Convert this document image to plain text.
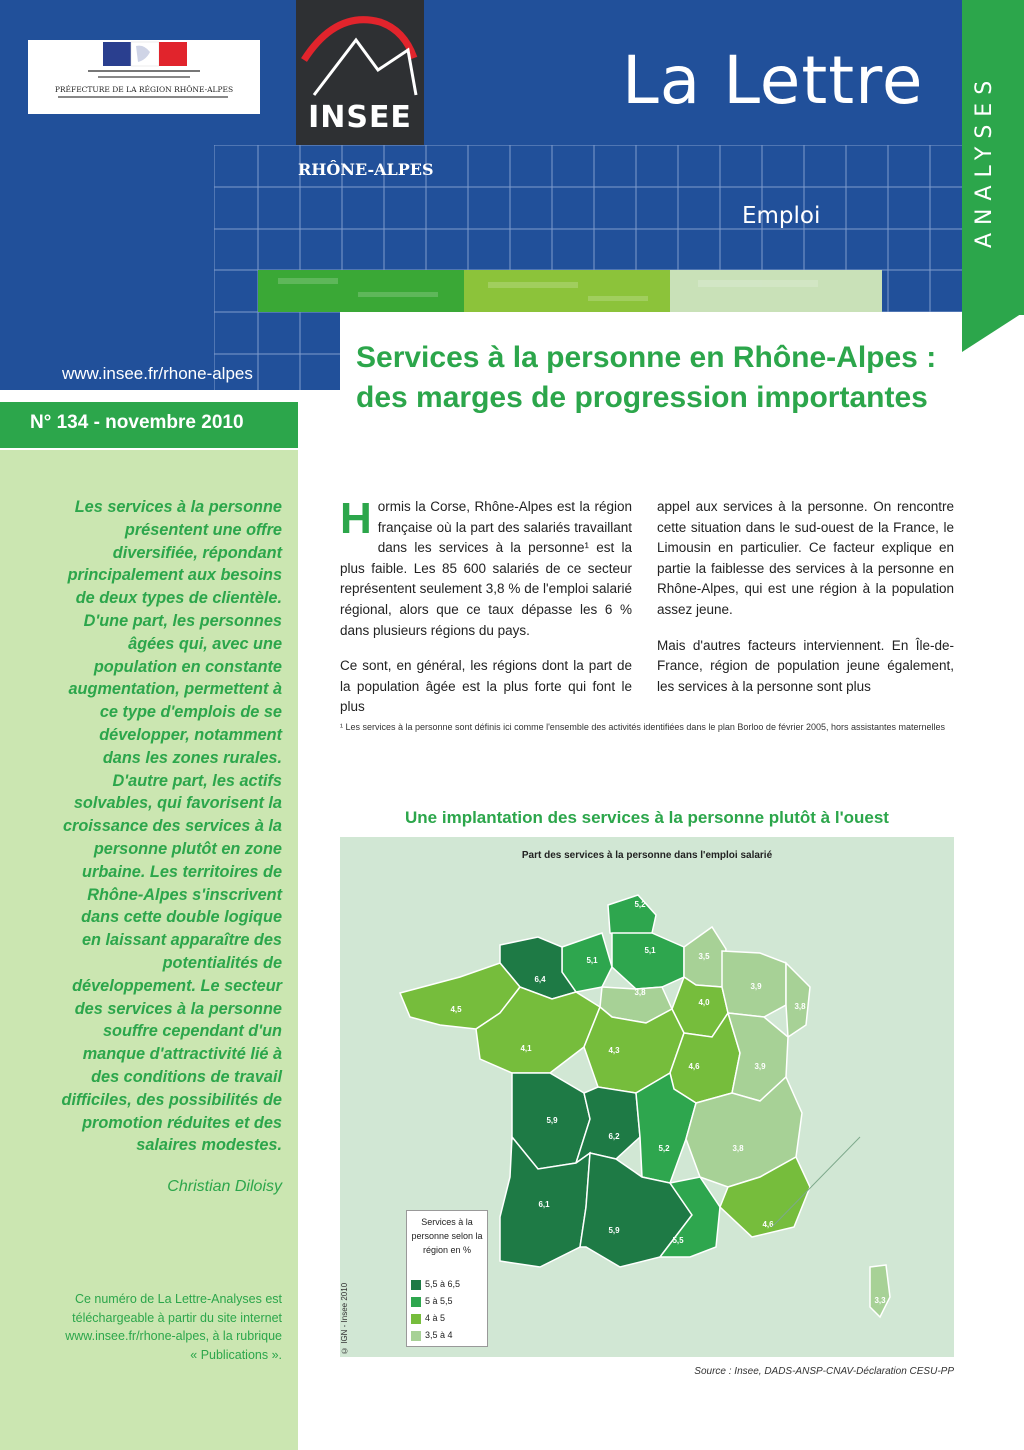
ANALYSES
PRÉFECTURE DE LA RÉGION RHÔNE-ALPES
INSEE
RHÔNE-ALPES
La Lettre
Emploi
www.insee.fr/rhone-alpes
N° 134 - novembre 2010
Les services à la personne présentent une offre diversifiée, répondant principalement aux besoins de deux types de clientèle. D'une part, les personnes âgées qui, avec une population en constante augmentation, permettent à ce type d'emplois de se développer, notamment dans les zones rurales. D'autre part, les actifs solvables, qui favorisent la croissance des services à la personne plutôt en zone urbaine. Les territoires de Rhône-Alpes s'inscrivent dans cette double logique en laissant apparaître des potentialités de développement. Le secteur des services à la personne souffre cependant d'un manque d'attractivité lié à des conditions de travail difficiles, des possibilités de promotion réduites et des salaires modestes.
Christian Diloisy
Ce numéro de La Lettre-Analyses est téléchargeable à partir du site internet www.insee.fr/rhone-alpes, à la rubrique « Publications ».
Services à la personne en Rhône-Alpes : des marges de progression importantes

Hormis la Corse, Rhône-Alpes est la région française où la part des salariés travaillant dans les services à la personne¹ est la plus faible. Les 85 600 salariés de ce secteur représentent seulement 3,8 % de l'emploi salarié régional, alors que ce taux dépasse les 6 % dans plusieurs régions du pays.

Ce sont, en général, les régions dont la part de la population âgée est la plus forte qui font le plus

appel aux services à la personne. On rencontre cette situation dans le sud-ouest de la France, le Limousin en particulier. Ce facteur explique en partie la faiblesse des services à la personne en Rhône-Alpes, qui est une région à la population assez jeune.

Mais d'autres facteurs interviennent. En Île-de-France, région de population jeune également, les services à la personne sont plus

¹ Les services à la personne sont définis ici comme l'ensemble des activités identifiées dans le plan Borloo de février 2005, hors assistantes maternelles
Une implantation des services à la personne plutôt à l'ouest
Part des services à la personne dans l'emploi salarié
5,2
5,1
5,1
3,5
6,4
3,8
4,0
3,9
3,8
4,5
4,1	4,3
4,6	3,9
5,9
6,2
5,2	3,8
6,1
5,9
5,5
4,6
3,3
© IGN - Insee 2010
Services à la personne selon la région en %
5,5 à 6,5
5 à 5,5
4 à 5
3,5 à 4
Source : Insee, DADS-ANSP-CNAV-Déclaration CESU-PP
